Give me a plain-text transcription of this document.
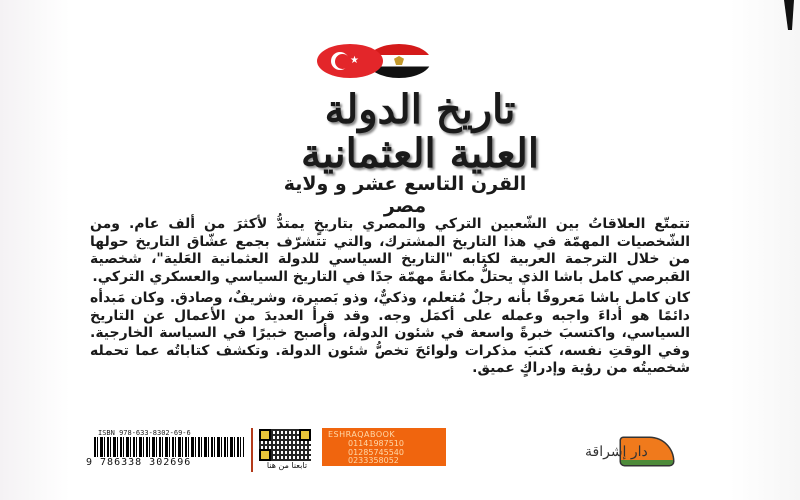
★
تاريخ الدولة
العلية العثمانية
القرن التاسع عشر و ولاية مصر

تتمتّع العلاقاتُ بين الشّعبين التركي والمصري بتاريخٍ يمتدُّ لأكثرَ من ألف عام. ومن الشّخصيات المهمّة في هذا التاريخ المشترك، والتي تتشرّف بجمع عشّاق التاريخ حولها من خلال الترجمة العربية لكتابه "التاريخ السياسي للدولة العثمانية العَلية"، شخصية القبرصي كامل باشا الذي يحتلُّ مكانةً مهمّة جدًا في التاريخ السياسي والعسكري التركي.

كان كامل باشا مَعروفًا بأنه رجلٌ مُتعلم، وذكيٌّ، وذو بَصيرة، وشريفٌ، وصادق. وكان مَبدأه دائمًا هو أداءَ واجبه وعمله على أكمَل وجه. وقد قرأ العديدَ من الأعمال عن التاريخ السياسي، واكتسبَ خبرةً واسعة في شئون الدولة، وأصبح خبيرًا في السياسة الخارجية. وفي الوقتِ نفسه، كتبَ مذكرات ولوائحَ تخصُّ شئون الدولة. وتكشف كتاباتُه عما تحمله شخصيتُه من رؤية وإدراكٍ عميق.

ISBN 978-633-8302-69-6
9 786338 302696	تابعنا من هنا
ESHRAQABOOK
01141987510
01285745540
0233358052
دار إشراقة
